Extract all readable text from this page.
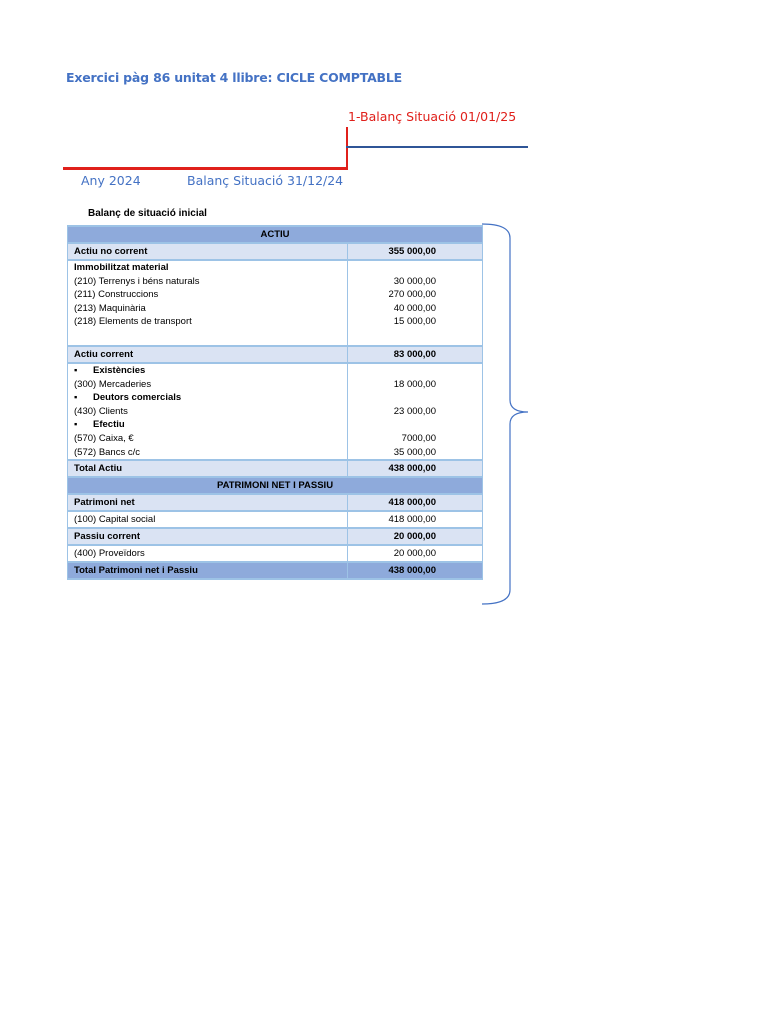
Exercici pàg 86 unitat 4 llibre: CICLE COMPTABLE
1-Balanç Situació 01/01/25
Any 2024	Balanç Situació 31/12/24
Balanç de situació inicial
ACTIU	
Actiu no corrent	355 000,00
Immobilitzat material	
(210) Terrenys i béns naturals	30 000,00
(211) Construccions	270 000,00
(213) Maquinària	40 000,00
(218) Elements de transport	15 000,00

Actiu corrent	83 000,00
▪ Existències	
(300) Mercaderies	18 000,00
▪ Deutors comercials	
(430) Clients	23 000,00
▪ Efectiu	
(570) Caixa, €	7000,00
(572) Bancs c/c	35 000,00
Total Actiu	438 000,00
PATRIMONI NET I PASSIU	
Patrimoni net	418 000,00
(100) Capital social	418 000,00
Passiu corrent	20 000,00
(400) Proveïdors	20 000,00
Total Patrimoni net i Passiu	438 000,00
